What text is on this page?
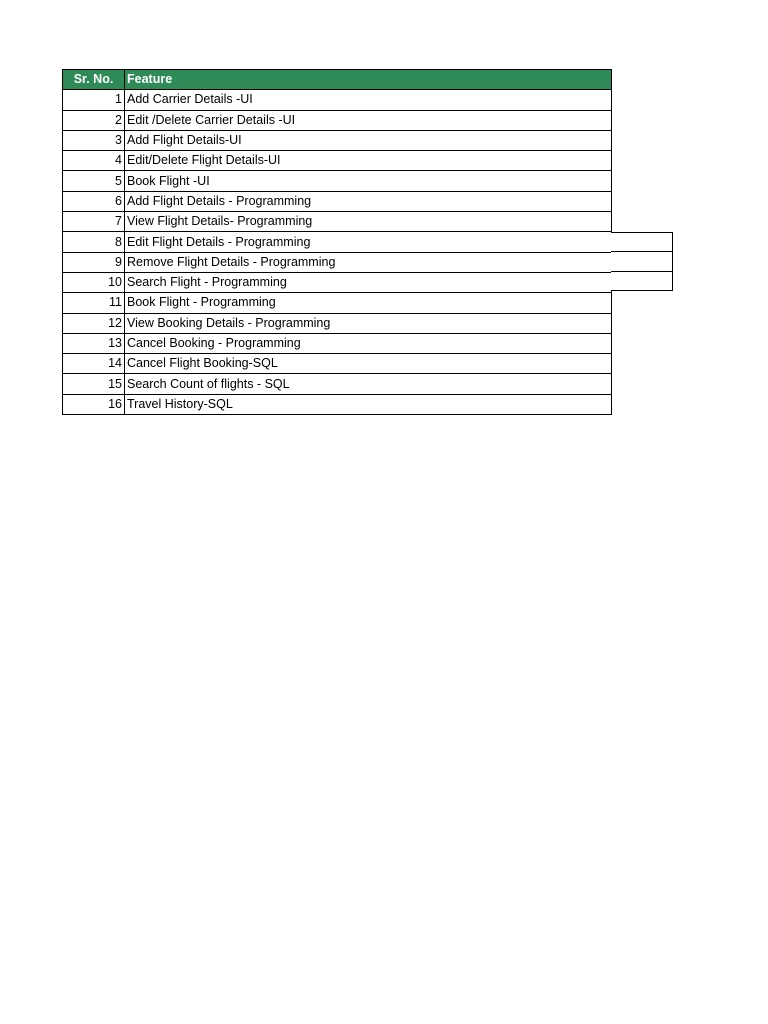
Sr. No.	Feature
1	Add Carrier Details -UI
2	Edit /Delete Carrier Details -UI
3	Add Flight Details-UI
4	Edit/Delete Flight Details-UI
5	Book Flight -UI
6	Add Flight Details - Programming
7	View Flight Details- Programming
8	Edit Flight Details - Programming
9	Remove Flight Details - Programming
10	Search Flight - Programming
11	Book Flight - Programming
12	View Booking Details - Programming
13	Cancel Booking - Programming
14	Cancel Flight Booking-SQL
15	Search Count of flights - SQL
16	Travel History-SQL
